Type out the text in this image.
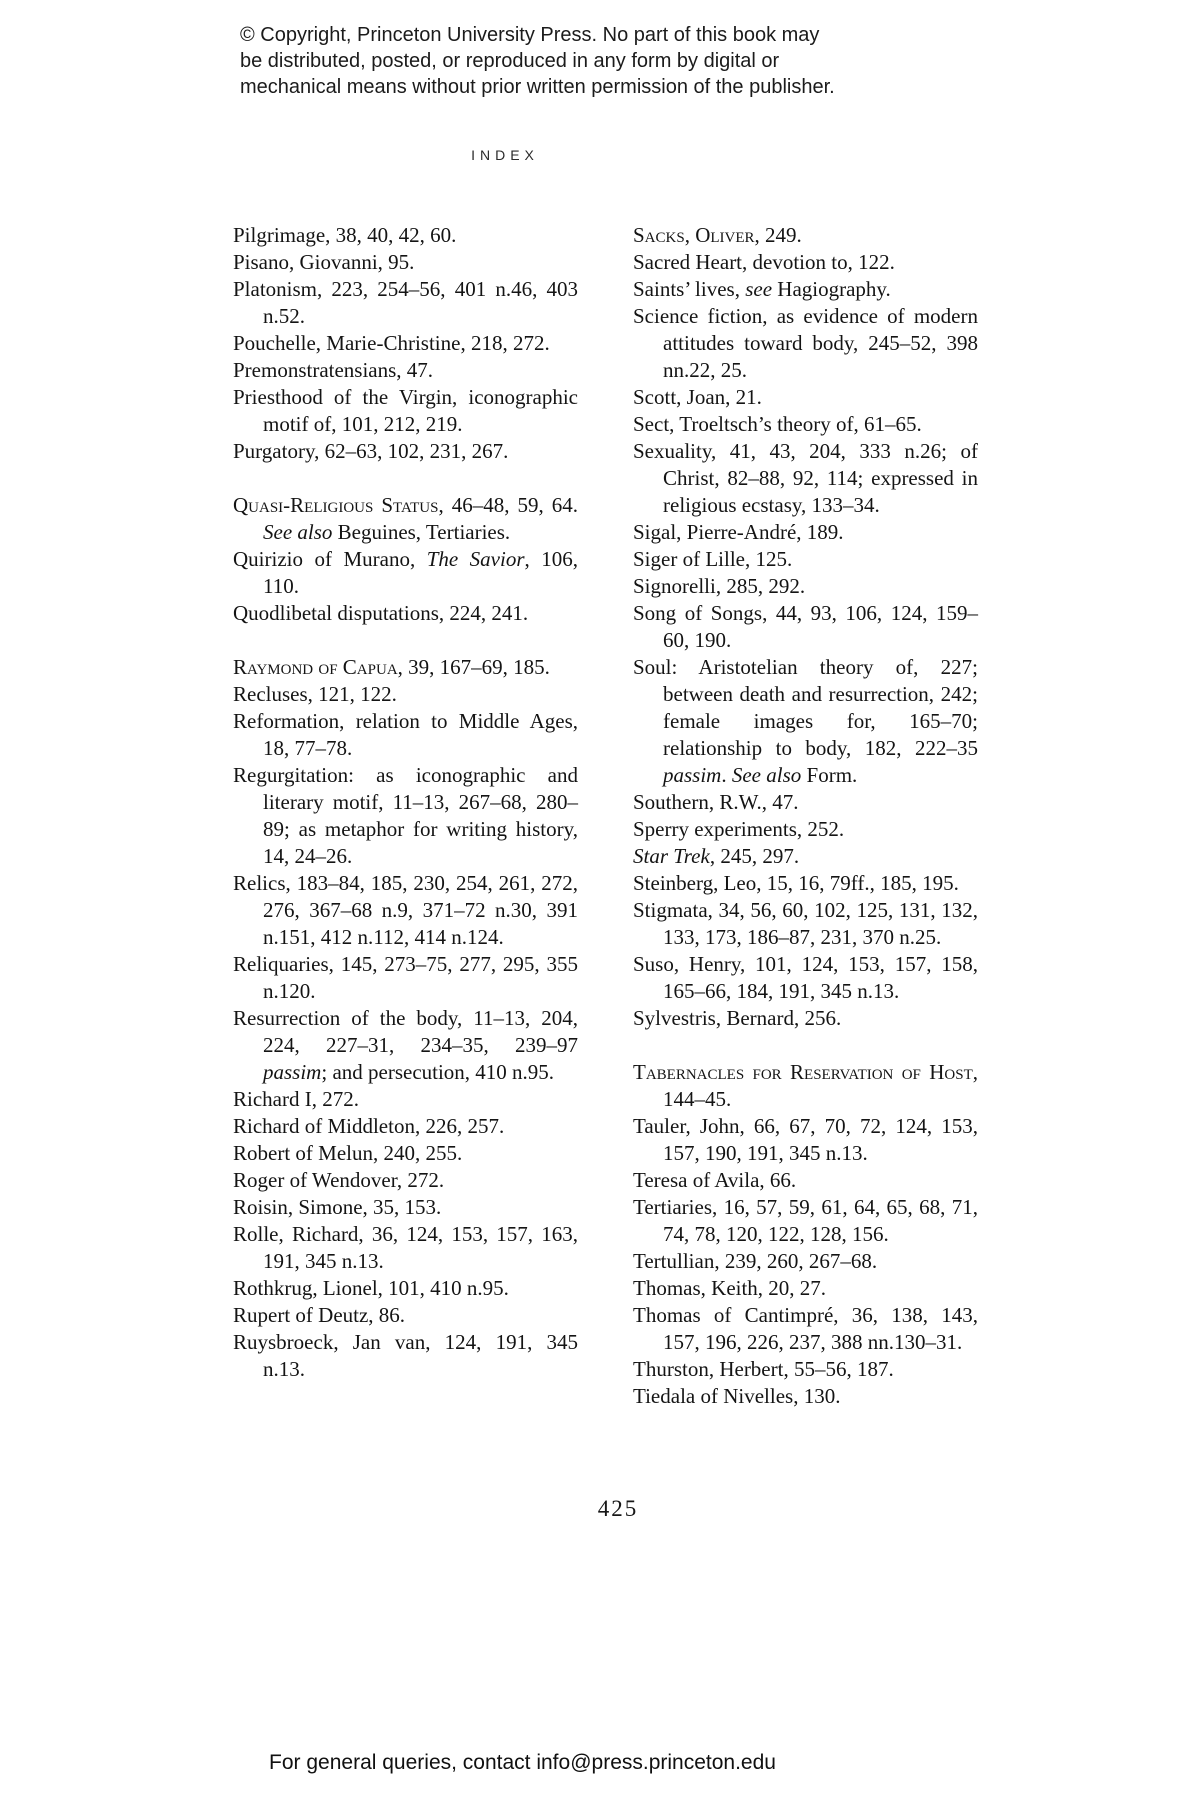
© Copyright, Princeton University Press. No part of this book may be distributed, posted, or reproduced in any form by digital or mechanical means without prior written permission of the publisher.
INDEX

Pilgrimage, 38, 40, 42, 60.

Pisano, Giovanni, 95.

Platonism, 223, 254–56, 401 n.46, 403 n.52.

Pouchelle, Marie-Christine, 218, 272.

Premonstratensians, 47.

Priesthood of the Virgin, iconographic motif of, 101, 212, 219.

Purgatory, 62–63, 102, 231, 267.

Quasi-Religious Status, 46–48, 59, 64. See also Beguines, Tertiaries.

Quirizio of Murano, The Savior, 106, 110.

Quodlibetal disputations, 224, 241.

Raymond of Capua, 39, 167–69, 185.

Recluses, 121, 122.

Reformation, relation to Middle Ages, 18, 77–78.

Regurgitation: as iconographic and literary motif, 11–13, 267–68, 280–89; as metaphor for writing history, 14, 24–26.

Relics, 183–84, 185, 230, 254, 261, 272, 276, 367–68 n.9, 371–72 n.30, 391 n.151, 412 n.112, 414 n.124.

Reliquaries, 145, 273–75, 277, 295, 355 n.120.

Resurrection of the body, 11–13, 204, 224, 227–31, 234–35, 239–97 passim; and persecution, 410 n.95.

Richard I, 272.

Richard of Middleton, 226, 257.

Robert of Melun, 240, 255.

Roger of Wendover, 272.

Roisin, Simone, 35, 153.

Rolle, Richard, 36, 124, 153, 157, 163, 191, 345 n.13.

Rothkrug, Lionel, 101, 410 n.95.

Rupert of Deutz, 86.

Ruysbroeck, Jan van, 124, 191, 345 n.13.

Sacks, Oliver, 249.

Sacred Heart, devotion to, 122.

Saints’ lives, see Hagiography.

Science fiction, as evidence of modern attitudes toward body, 245–52, 398 nn.22, 25.

Scott, Joan, 21.

Sect, Troeltsch’s theory of, 61–65.

Sexuality, 41, 43, 204, 333 n.26; of Christ, 82–88, 92, 114; expressed in religious ecstasy, 133–34.

Sigal, Pierre-André, 189.

Siger of Lille, 125.

Signorelli, 285, 292.

Song of Songs, 44, 93, 106, 124, 159–60, 190.

Soul: Aristotelian theory of, 227; between death and resurrection, 242; female images for, 165–70; relationship to body, 182, 222–35 passim. See also Form.

Southern, R.W., 47.

Sperry experiments, 252.

Star Trek, 245, 297.

Steinberg, Leo, 15, 16, 79ff., 185, 195.

Stigmata, 34, 56, 60, 102, 125, 131, 132, 133, 173, 186–87, 231, 370 n.25.

Suso, Henry, 101, 124, 153, 157, 158, 165–66, 184, 191, 345 n.13.

Sylvestris, Bernard, 256.

Tabernacles for Reservation of Host, 144–45.

Tauler, John, 66, 67, 70, 72, 124, 153, 157, 190, 191, 345 n.13.

Teresa of Avila, 66.

Tertiaries, 16, 57, 59, 61, 64, 65, 68, 71, 74, 78, 120, 122, 128, 156.

Tertullian, 239, 260, 267–68.

Thomas, Keith, 20, 27.

Thomas of Cantimpré, 36, 138, 143, 157, 196, 226, 237, 388 nn.130–31.

Thurston, Herbert, 55–56, 187.

Tiedala of Nivelles, 130.

425
For general queries, contact info@press.princeton.edu
